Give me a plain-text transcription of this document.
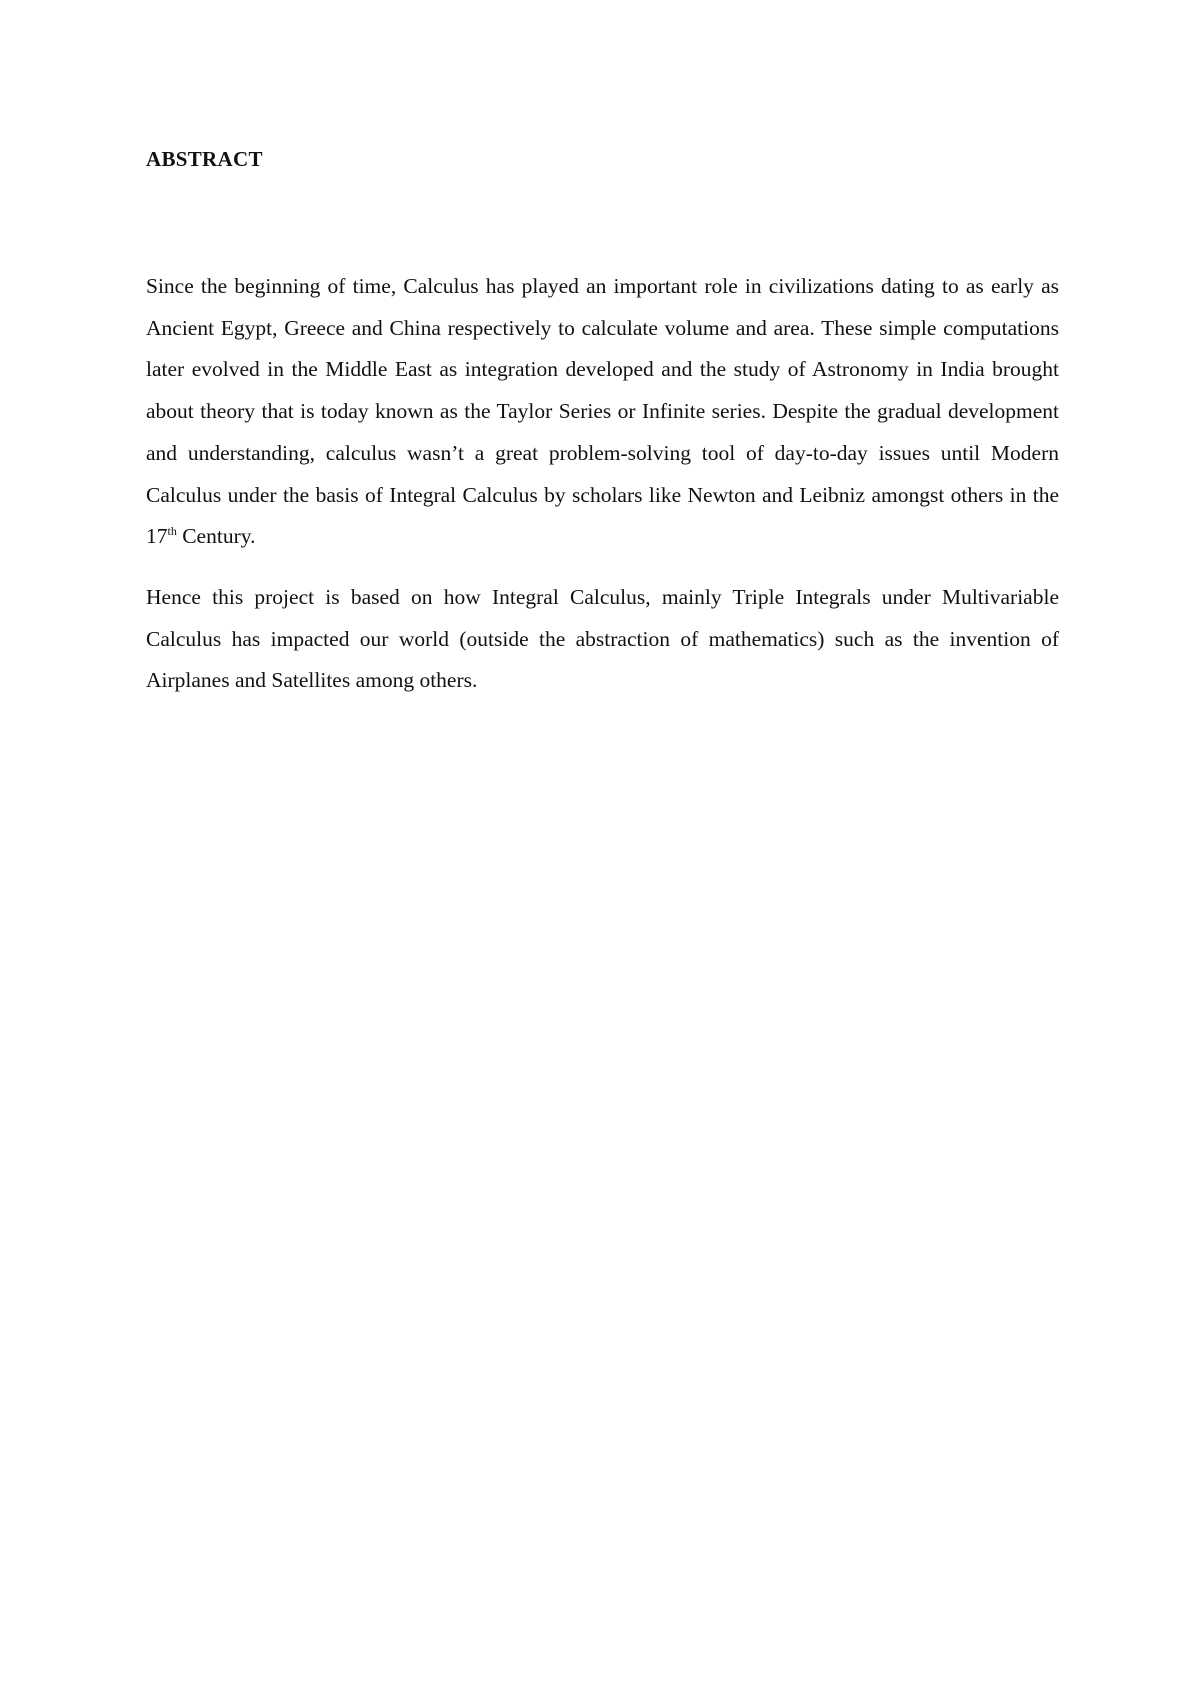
ABSTRACT

Since the beginning of time, Calculus has played an important role in civilizations dating to as early as Ancient Egypt, Greece and China respectively to calculate volume and area. These simple computations later evolved in the Middle East as integration developed and the study of Astronomy in India brought about theory that is today known as the Taylor Series or Infinite series. Despite the gradual development and understanding, calculus wasn’t a great problem-solving tool of day-to-day issues until Modern Calculus under the basis of Integral Calculus by scholars like Newton and Leibniz amongst others in the 17th Century.

Hence this project is based on how Integral Calculus, mainly Triple Integrals under Multivariable Calculus has impacted our world (outside the abstraction of mathematics) such as the invention of Airplanes and Satellites among others.
